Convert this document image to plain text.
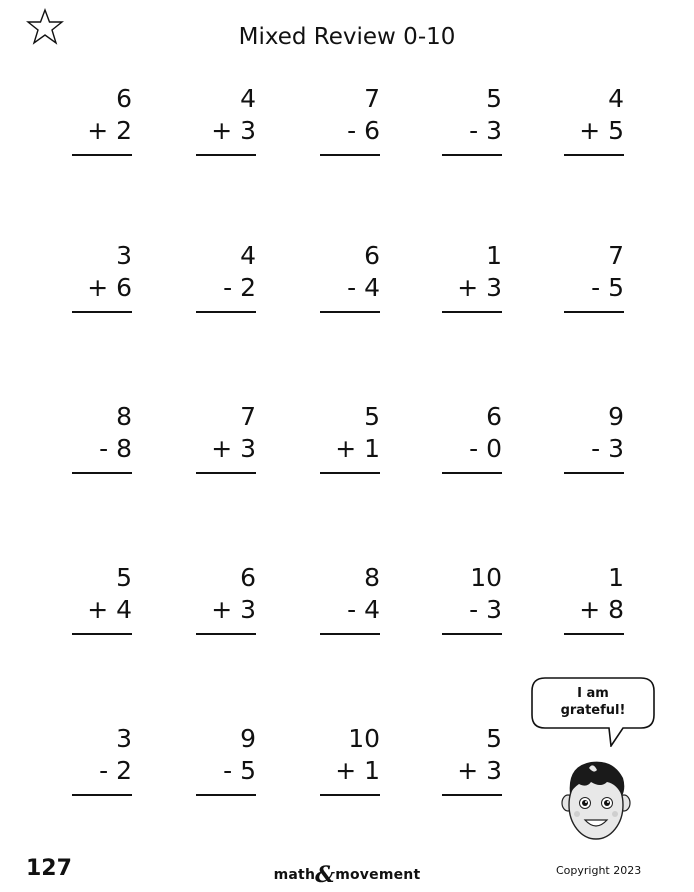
Mixed Review 0-10
6
+ 2
4
+ 3
7
- 6
5
- 3
4
+ 5
3
+ 6
4
- 2
6
- 4
1
+ 3
7
- 5
8
- 8
7
+ 3
5
+ 1
6
- 0
9
- 3
5
+ 4
6
+ 3
8
- 4
10
- 3
1
+ 8
3
- 2
9
- 5
10
+ 1
5
+ 3
I am
grateful!
127	math&movement	Copyright 2023
